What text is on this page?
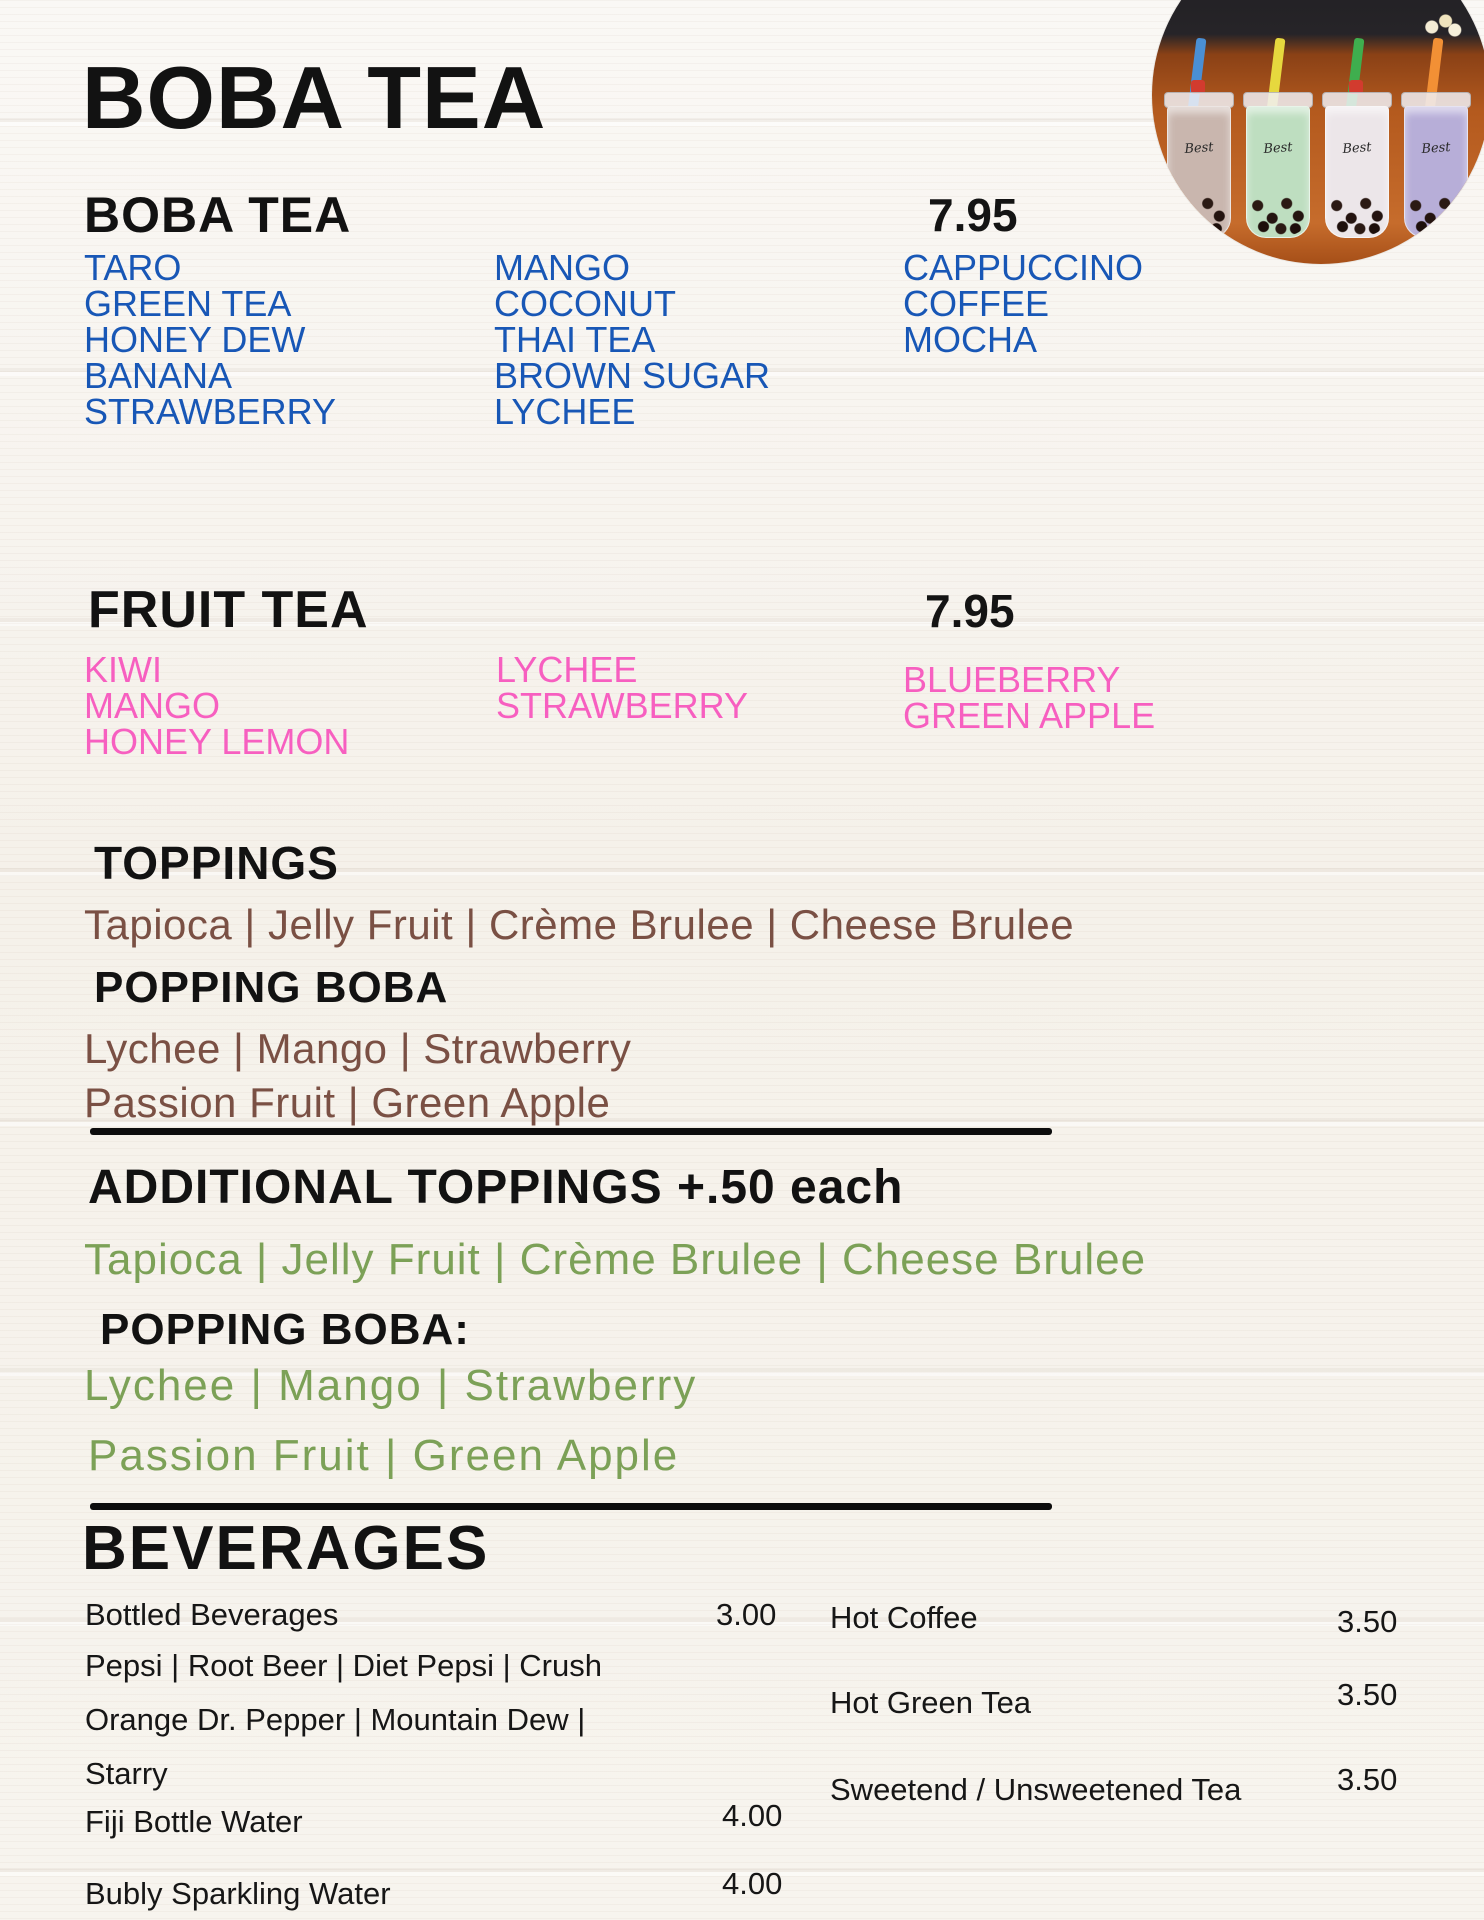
Best	Best	Best	Best
BOBA TEA
BOBA TEA	7.95
TARO
GREEN TEA
HONEY DEW
BANANA
STRAWBERRY
MANGO
COCONUT
THAI TEA
BROWN SUGAR
LYCHEE
CAPPUCCINO
COFFEE
MOCHA
FRUIT TEA	7.95
KIWI
MANGO
HONEY LEMON
LYCHEE
STRAWBERRY
BLUEBERRY
GREEN APPLE
TOPPINGS
Tapioca | Jelly Fruit | Crème Brulee | Cheese Brulee
POPPING BOBA
Lychee | Mango | Strawberry
Passion Fruit | Green Apple
ADDITIONAL TOPPINGS +.50 each
Tapioca | Jelly Fruit | Crème Brulee | Cheese Brulee
POPPING BOBA:
Lychee | Mango | Strawberry
Passion Fruit | Green Apple
BEVERAGES
Bottled Beverages	3.00
Pepsi | Root Beer | Diet Pepsi | Crush
Orange Dr. Pepper | Mountain Dew |
Starry
Fiji Bottle Water	4.00
Bubly Sparkling Water	4.00
Hot Coffee	3.50
Hot Green Tea	3.50
Sweetend / Unsweetened Tea	3.50
